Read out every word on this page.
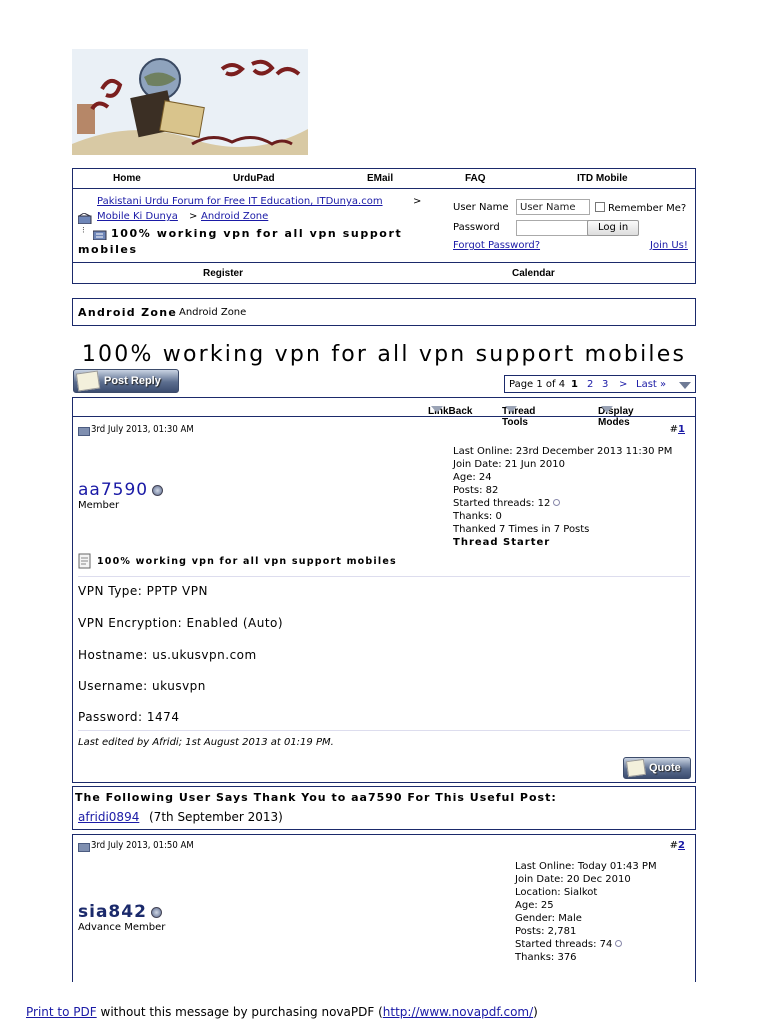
Home	UrduPad	EMail	FAQ	ITD Mobile
Pakistani Urdu Forum for Free IT Education, ITDunya.com	>
Mobile Ki Dunya > Android Zone
⁝ 100% working vpn for all vpn support
mobiles
User Name
User Name	Remember Me?
Password	Log in
Forgot Password?	Join Us!
Register	Calendar
Android Zone Android Zone
100% working vpn for all vpn support mobiles
Post Reply	Page 1 of 4 1 2 3 > Last »
LinkBack	Thread Tools
Display Modes
3rd July 2013, 01:30 AM	#1
aa7590
Member
Last Online: 23rd December 2013 11:30 PM
Join Date: 21 Jun 2010
Age: 24
Posts: 82
Started threads: 12
Thanks: 0
Thanked 7 Times in 7 Posts
Thread Starter
100% working vpn for all vpn support mobiles
VPN Type: PPTP VPN
VPN Encryption: Enabled (Auto)
Hostname: us.ukusvpn.com
Username: ukusvpn
Password: 1474
Last edited by Afridi; 1st August 2013 at 01:19 PM.
Quote
The Following User Says Thank You to aa7590 For This Useful Post:
afridi0894 (7th September 2013)
3rd July 2013, 01:50 AM	#2
sia842
Advance Member
Last Online: Today 01:43 PM
Join Date: 20 Dec 2010
Location: Sialkot
Age: 25
Gender: Male
Posts: 2,781
Started threads: 74
Thanks: 376
Print to PDF without this message by purchasing novaPDF (http://www.novapdf.com/)
